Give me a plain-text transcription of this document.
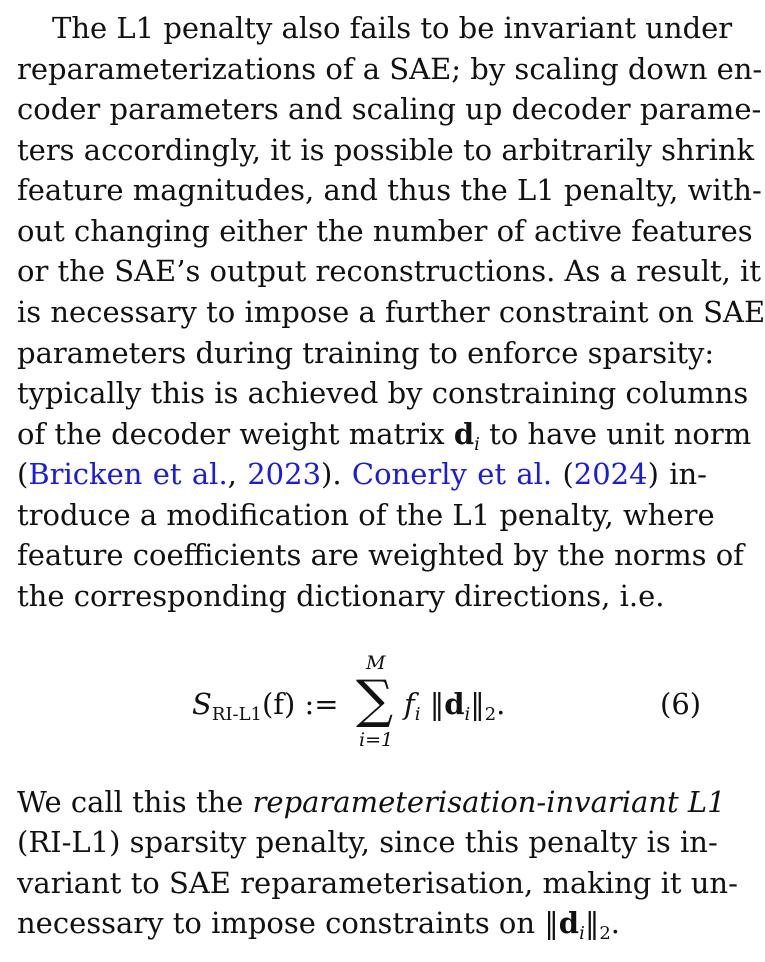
The L1 penalty also fails to be invariant under
reparameterizations of a SAE; by scaling down en-
coder parameters and scaling up decoder parame-
ters accordingly, it is possible to arbitrarily shrink
feature magnitudes, and thus the L1 penalty, with-
out changing either the number of active features
or the SAE’s output reconstructions. As a result, it
is necessary to impose a further constraint on SAE
parameters during training to enforce sparsity:
typically this is achieved by constraining columns
of the decoder weight matrix $d_i$ to have unit norm
(Bricken et al., 2023). Conerly et al. (2024) in-
troduce a modification of the L1 penalty, where
feature coefficients are weighted by the norms of
the corresponding dictionary directions, i.e.
$S_{RI-L1}(f)$ :=
M
∑
i=1
$f_i$ $‖d_i‖_2$.	(6)
We call this the reparameterisation-invariant L1
(RI-L1) sparsity penalty, since this penalty is in-
variant to SAE reparameterisation, making it un-
necessary to impose constraints on $‖d_i‖_2$.
